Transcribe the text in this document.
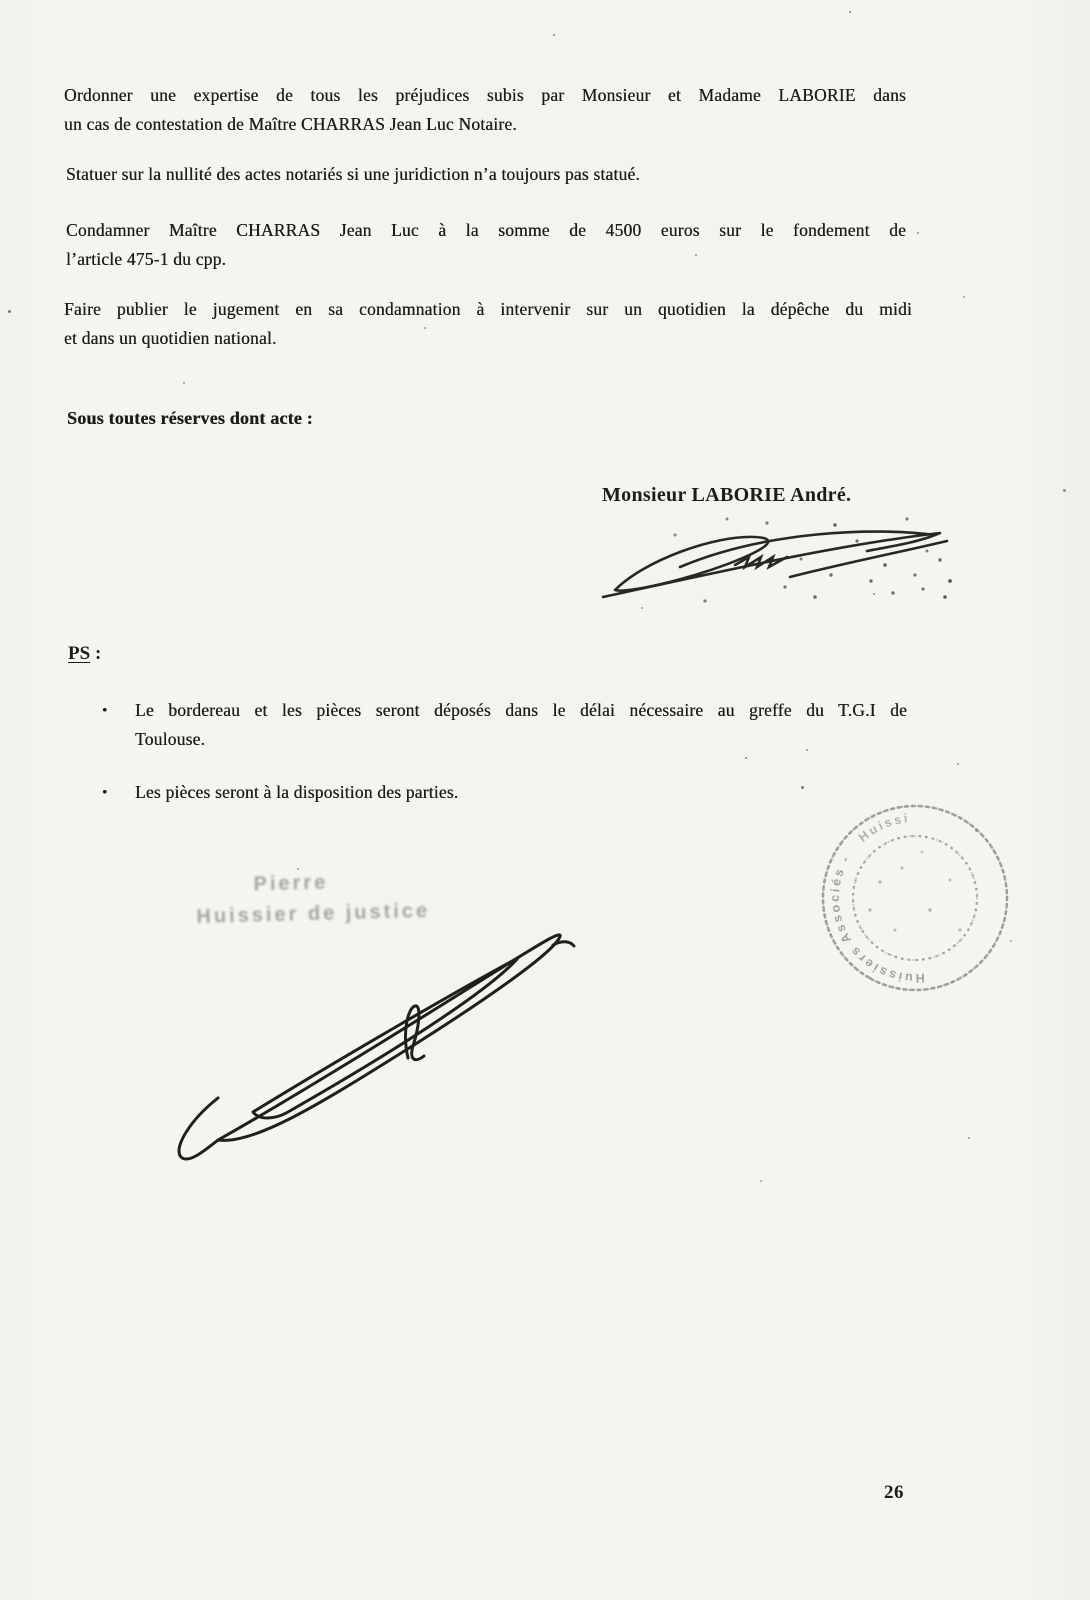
Ordonner une expertise de tous les préjudices subis par Monsieur et Madame LABORIE dans
un cas de contestation de Maître CHARRAS Jean Luc Notaire.
Statuer sur la nullité des actes notariés si une juridiction n’a toujours pas statué.
Condamner Maître CHARRAS Jean Luc à la somme de 4500 euros sur le fondement de
l’article 475-1 du cpp.
Faire publier le jugement en sa condamnation à intervenir sur un quotidien la dépêche du midi
et dans un quotidien national.
Sous toutes réserves dont acte :
Monsieur LABORIE André.
PS :
• Le bordereau et les pièces seront déposés dans le délai nécessaire au greffe du T.G.I de
Toulouse.
• Les pièces seront à la disposition des parties.
Pierre
Huissier de justice
Huissiers Associés -
Huissiers Associés -
26
